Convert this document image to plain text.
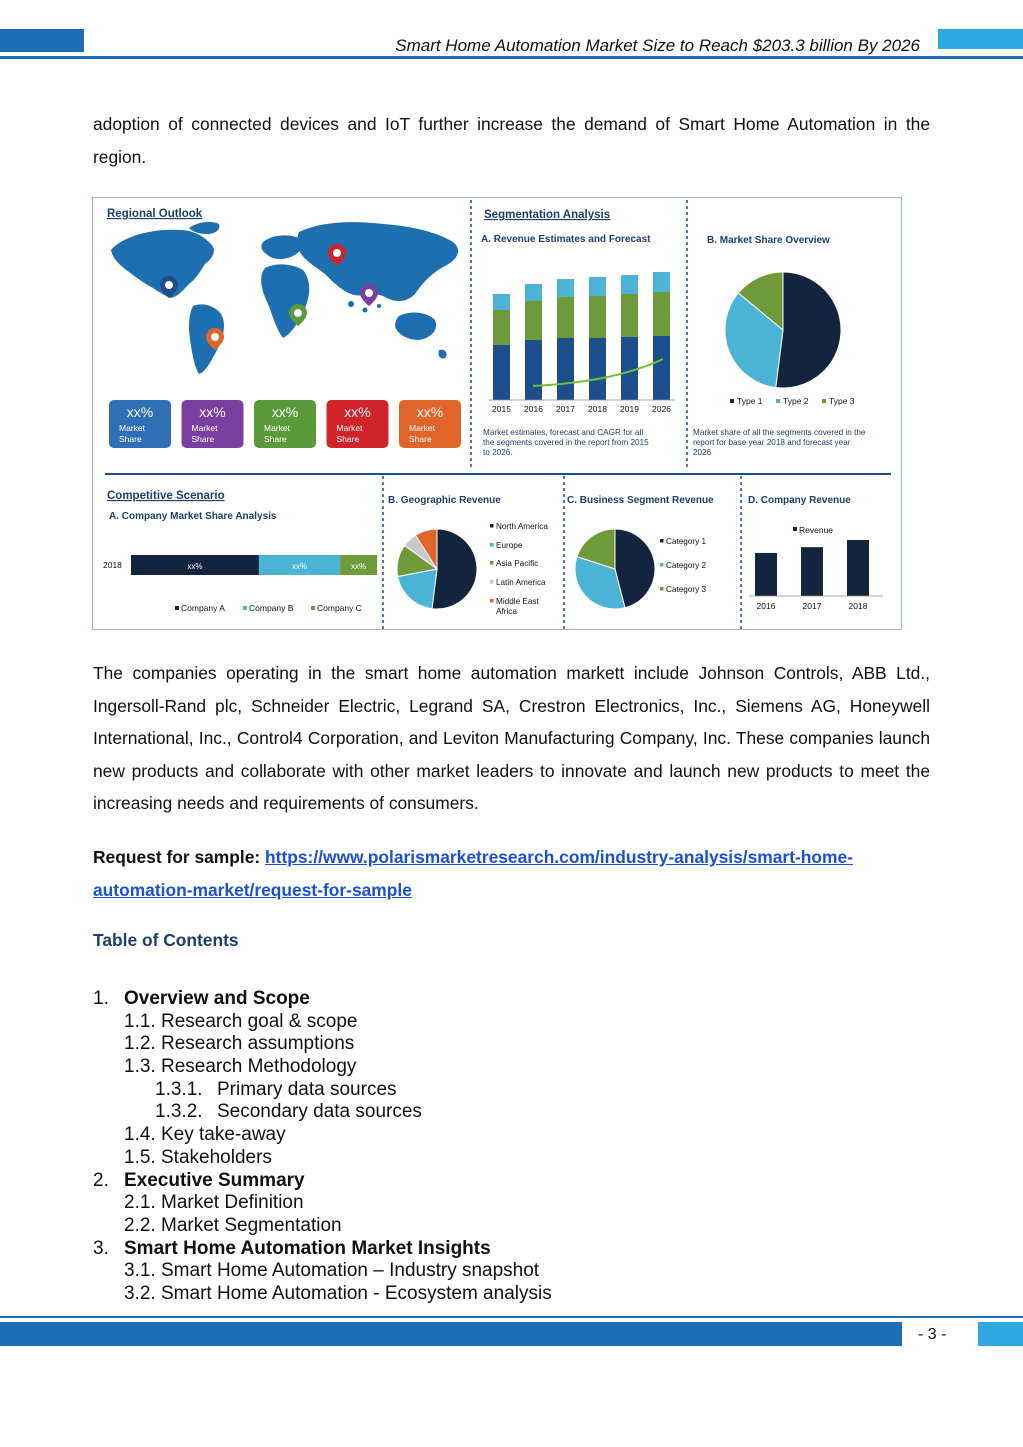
Smart Home Automation Market Size to Reach $203.3 billion By 2026

adoption of connected devices and IoT further increase the demand of Smart Home Automation in the region.

Regional Outlook
xx%
Market
Share
xx%
Market
Share
xx%
Market
Share
xx%
Market
Share
xx%
Market
Share
Segmentation Analysis
A. Revenue Estimates and Forecast
2015 2016 2017 2018 2019 2026
Market estimates, forecast and CAGR for all the segments covered in the report from 2015 to 2026.
B. Market Share Overview
Type 1 Type 2 Type 3
Market share of all the segments covered in the report for base year 2018 and forecast year 2026
Competitive Scenario
A. Company Market Share Analysis
2018	xx%	xx%	xx%
Company A	Company B	Company C
B. Geographic Revenue
North America
Europe
Asia Pacific
Latin America
Middle East
Africa
C. Business Segment Revenue
Category 1
Category 2
Category 3
D. Company Revenue
Revenue
2016	2017	2018

The companies operating in the smart home automation markett include Johnson Controls, ABB Ltd., Ingersoll-Rand plc, Schneider Electric, Legrand SA, Crestron Electronics, Inc., Siemens AG, Honeywell International, Inc., Control4 Corporation, and Leviton Manufacturing Company, Inc. These companies launch new products and collaborate with other market leaders to innovate and launch new products to meet the increasing needs and requirements of consumers.

Request for sample: https://www.polarismarketresearch.com/industry-analysis/smart-home-
automation-market/request-for-sample
Table of Contents
1. Overview and Scope
1.1. Research goal & scope
1.2. Research assumptions
1.3. Research Methodology
1.3.1. Primary data sources
1.3.2. Secondary data sources
1.4. Key take-away
1.5. Stakeholders
2. Executive Summary
2.1. Market Definition
2.2. Market Segmentation
3. Smart Home Automation Market Insights
3.1. Smart Home Automation – Industry snapshot
3.2. Smart Home Automation - Ecosystem analysis
- 3 -
